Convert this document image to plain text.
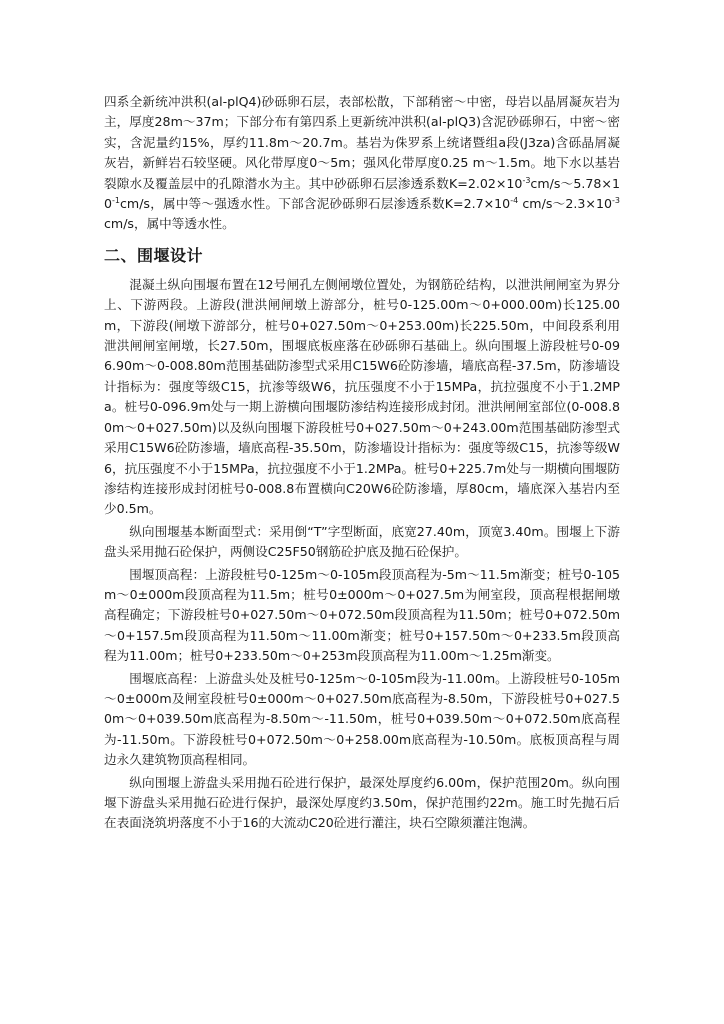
四系全新统冲洪积(al-plQ4)砂砾卵石层，表部松散，下部稍密～中密，母岩以晶屑凝灰岩为主，厚度28m～37m；下部分布有第四系上更新统冲洪积(al-plQ3)含泥砂砾卵石，中密～密实，含泥量约15%，厚约11.8m～20.7m。基岩为侏罗系上统诸暨组a段(J3za)含砾晶屑凝灰岩，新鲜岩石较坚硬。风化带厚度0～5m；强风化带厚度0.25 m～1.5m。地下水以基岩裂隙水及覆盖层中的孔隙潜水为主。其中砂砾卵石层渗透系数$K=2.02\times 10^{-3}cm/s\sim 5.78\times 10^{-1}cm/s$，属中等～强透水性。下部含泥砂砾卵石层渗透系数$K=2.7\times 10^{-4}$ $cm/s\sim 2.3\times 10^{-3}cm/s$，属中等透水性。

二、围堰设计

混凝土纵向围堰布置在12号闸孔左侧闸墩位置处，为钢筋砼结构，以泄洪闸闸室为界分上、下游两段。上游段(泄洪闸闸墩上游部分，桩号0-125.00m～0+000.00m)长125.00m，下游段(闸墩下游部分，桩号0+027.50m～0+253.00m)长225.50m，中间段系利用泄洪闸闸室闸墩，长27.50m，围堰底板座落在砂砾卵石基础上。纵向围堰上游段桩号0-096.90m～0-008.80m范围基础防渗型式采用C15W6砼防渗墙，墙底高程-37.5m，防渗墙设计指标为：强度等级C15，抗渗等级W6，抗压强度不小于15MPa，抗拉强度不小于1.2MPa。桩号0-096.9m处与一期上游横向围堰防渗结构连接形成封闭。泄洪闸闸室部位(0-008.80m～0+027.50m)以及纵向围堰下游段桩号0+027.50m～0+243.00m范围基础防渗型式采用C15W6砼防渗墙，墙底高程-35.50m，防渗墙设计指标为：强度等级C15，抗渗等级W6，抗压强度不小于15MPa，抗拉强度不小于1.2MPa。桩号0+225.7m处与一期横向围堰防渗结构连接形成封闭桩号0-008.8布置横向C20W6砼防渗墙，厚80cm，墙底深入基岩内至少0.5m。

纵向围堰基本断面型式：采用倒“T”字型断面，底宽27.40m，顶宽3.40m。围堰上下游盘头采用抛石砼保护，两侧设C25F50钢筋砼护底及抛石砼保护。

围堰顶高程：上游段桩号0-125m～0-105m段顶高程为-5m～11.5m渐变；桩号0-105m～0±000m段顶高程为11.5m；桩号0±000m～0+027.5m为闸室段，顶高程根据闸墩高程确定；下游段桩号0+027.50m～0+072.50m段顶高程为11.50m；桩号0+072.50m～0+157.5m段顶高程为11.50m～11.00m渐变；桩号0+157.50m～0+233.5m段顶高程为11.00m；桩号0+233.50m～0+253m段顶高程为11.00m～1.25m渐变。

围堰底高程：上游盘头处及桩号0-125m～0-105m段为-11.00m。上游段桩号0-105m～0±000m及闸室段桩号0±000m～0+027.50m底高程为-8.50m，下游段桩号0+027.50m～0+039.50m底高程为-8.50m～-11.50m，桩号0+039.50m～0+072.50m底高程为-11.50m。下游段桩号0+072.50m～0+258.00m底高程为-10.50m。底板顶高程与周边永久建筑物顶高程相同。

纵向围堰上游盘头采用抛石砼进行保护，最深处厚度约6.00m，保护范围20m。纵向围堰下游盘头采用抛石砼进行保护，最深处厚度约3.50m，保护范围约22m。施工时先抛石后在表面浇筑坍落度不小于16的大流动C20砼进行灌注，块石空隙须灌注饱满。
